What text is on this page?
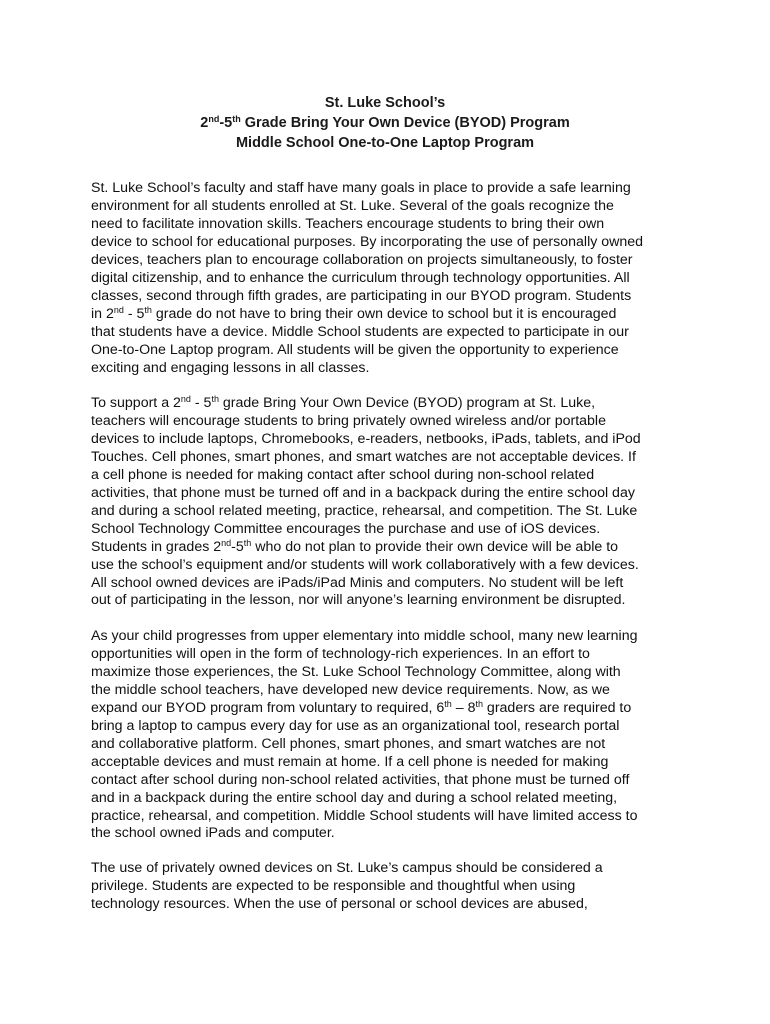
St. Luke School’s
2nd-5th Grade Bring Your Own Device (BYOD) Program
Middle School One-to-One Laptop Program
St. Luke School’s faculty and staff have many goals in place to provide a safe learning
environment for all students enrolled at St. Luke. Several of the goals recognize the
need to facilitate innovation skills. Teachers encourage students to bring their own
device to school for educational purposes. By incorporating the use of personally owned
devices, teachers plan to encourage collaboration on projects simultaneously, to foster
digital citizenship, and to enhance the curriculum through technology opportunities. All
classes, second through fifth grades, are participating in our BYOD program. Students
in 2nd - 5th grade do not have to bring their own device to school but it is encouraged
that students have a device. Middle School students are expected to participate in our
One-to-One Laptop program. All students will be given the opportunity to experience
exciting and engaging lessons in all classes.
To support a 2nd - 5th grade Bring Your Own Device (BYOD) program at St. Luke,
teachers will encourage students to bring privately owned wireless and/or portable
devices to include laptops, Chromebooks, e-readers, netbooks, iPads, tablets, and iPod
Touches. Cell phones, smart phones, and smart watches are not acceptable devices. If
a cell phone is needed for making contact after school during non-school related
activities, that phone must be turned off and in a backpack during the entire school day
and during a school related meeting, practice, rehearsal, and competition. The St. Luke
School Technology Committee encourages the purchase and use of iOS devices.
Students in grades 2nd-5th who do not plan to provide their own device will be able to
use the school’s equipment and/or students will work collaboratively with a few devices.
All school owned devices are iPads/iPad Minis and computers. No student will be left
out of participating in the lesson, nor will anyone’s learning environment be disrupted.
As your child progresses from upper elementary into middle school, many new learning
opportunities will open in the form of technology-rich experiences. In an effort to
maximize those experiences, the St. Luke School Technology Committee, along with
the middle school teachers, have developed new device requirements. Now, as we
expand our BYOD program from voluntary to required, 6th – 8th graders are required to
bring a laptop to campus every day for use as an organizational tool, research portal
and collaborative platform. Cell phones, smart phones, and smart watches are not
acceptable devices and must remain at home. If a cell phone is needed for making
contact after school during non-school related activities, that phone must be turned off
and in a backpack during the entire school day and during a school related meeting,
practice, rehearsal, and competition. Middle School students will have limited access to
the school owned iPads and computer.
The use of privately owned devices on St. Luke’s campus should be considered a
privilege. Students are expected to be responsible and thoughtful when using
technology resources. When the use of personal or school devices are abused,
